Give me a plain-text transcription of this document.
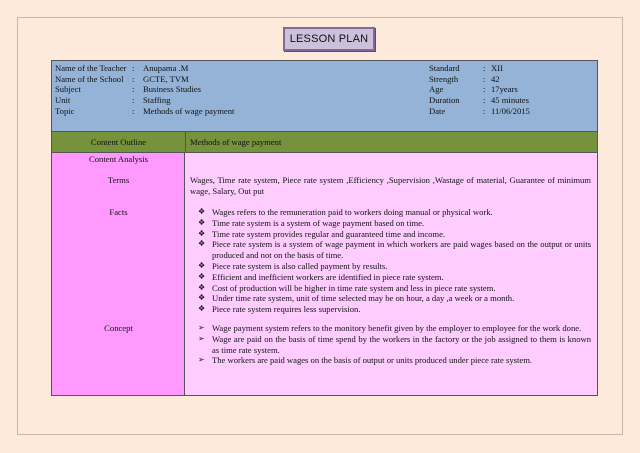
LESSON PLAN
Name of the Teacher
Name of the School
Subject
Unit
Topic
:
:
:
:
:
Anupama .M
GCTE, TVM
Business Studies
Staffing
Methods of wage payment
Standard
Strength
Age
Duration
Date
:
:
:
:
:
XII
42
17years
45 minutes
11/06/2015
Content Outline	Methods of wage payment
Content Analysis
Terms
Facts
Concept
Wages, Time rate system, Piece rate system ,Efficiency ,Supervision ,Wastage of material, Guarantee of minimum wage, Salary, Out put
❖ Wages refers to the remuneration paid to workers doing manual or physical work.
❖ Time rate system is a system of wage payment based on time.
❖ Time rate system provides regular and guaranteed time and income.
❖ Piece rate system is a system of wage payment in which workers are paid wages based on the output or units produced and not on the basis of time.
❖ Piece rate system is also called payment by results.
❖ Efficient and inefficient workers are identified in piece rate system.
❖ Cost of production will be higher in time rate system and less in piece rate system.
❖ Under time rate system, unit of time selected may be on hour, a day ,a week or a month.
❖ Piece rate system requires less supervision.
➢ Wage payment system refers to the monitory benefit given by the employer to employee for the work done.
➢ Wage are paid on the basis of time spend by the workers in the factory or the job assigned to them is known as time rate system.
➢ The workers are paid wages on the basis of output or units produced under piece rate system.
